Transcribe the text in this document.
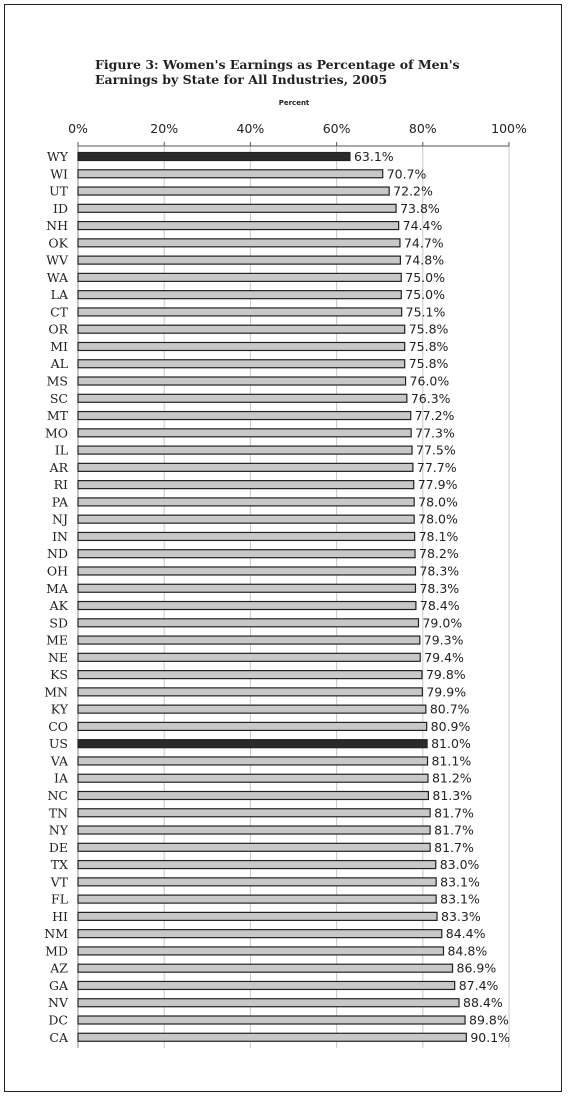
Figure 3: Women's Earnings as Percentage of Men's
Earnings by State for All Industries, 2005
Percent
0%	20%	40%	60%	80%	100%
WY	63.1%
WI	70.7%
UT	72.2%
ID	73.8%
NH	74.4%
OK	74.7%
WV	74.8%
WA	75.0%
LA	75.0%
CT	75.1%
OR	75.8%
MI	75.8%
AL	75.8%
MS	76.0%
SC	76.3%
MT	77.2%
MO	77.3%
IL	77.5%
AR	77.7%
RI	77.9%
PA	78.0%
NJ	78.0%
IN	78.1%
ND	78.2%
OH	78.3%
MA	78.3%
AK	78.4%
SD	79.0%
ME	79.3%
NE	79.4%
KS	79.8%
MN	79.9%
KY	80.7%
CO	80.9%
US	81.0%
VA	81.1%
IA	81.2%
NC	81.3%
TN	81.7%
NY	81.7%
DE	81.7%
TX	83.0%
VT	83.1%
FL	83.1%
HI	83.3%
NM	84.4%
MD	84.8%
AZ	86.9%
GA	87.4%
NV	88.4%
DC	89.8%
CA	90.1%
